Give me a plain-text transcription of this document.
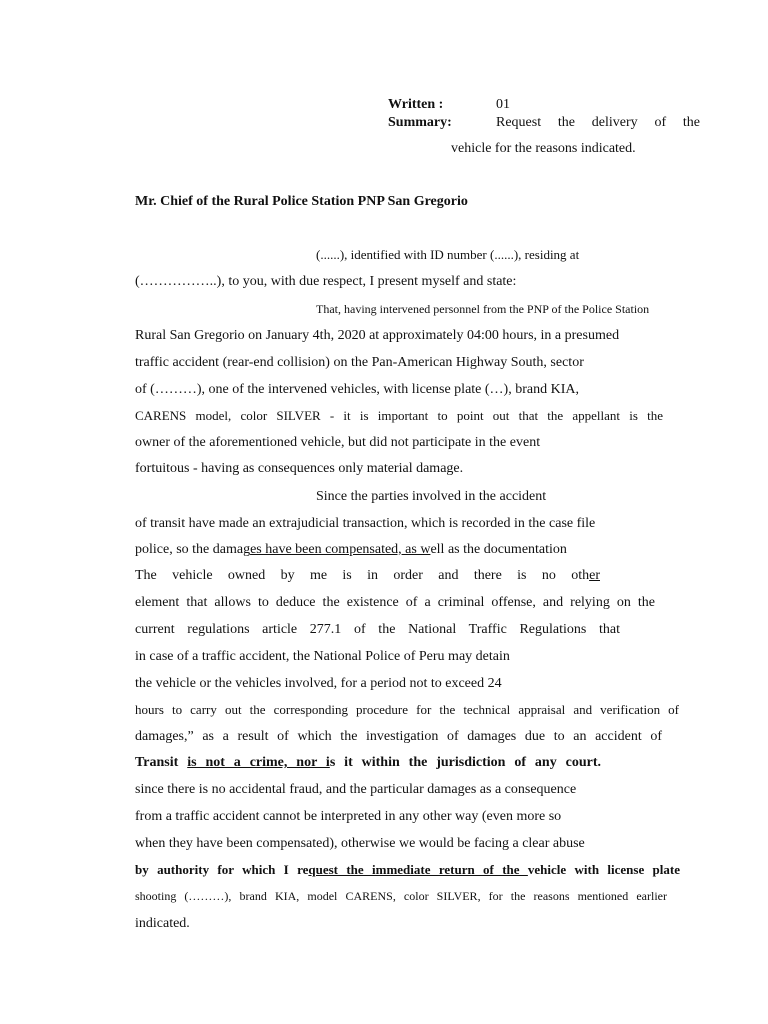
Written :	01
Summary:	Request the delivery of the
vehicle for the reasons indicated.
Mr. Chief of the Rural Police Station PNP San Gregorio
(......), identified with ID number (......), residing at
(……………..), to you, with due respect, I present myself and state:
That, having intervened personnel from the PNP of the Police Station
Rural San Gregorio on January 4th, 2020 at approximately 04:00 hours, in a presumed
traffic accident (rear-end collision) on the Pan-American Highway South, sector
of (………), one of the intervened vehicles, with license plate (…), brand KIA,
CARENS model, color SILVER - it is important to point out that the appellant is the
owner of the aforementioned vehicle, but did not participate in the event
fortuitous - having as consequences only material damage.
Since the parties involved in the accident
of transit have made an extrajudicial transaction, which is recorded in the case file
police, so the damages have been compensated, as well as the documentation
The vehicle owned by me is in order and there is no other
element that allows to deduce the existence of a criminal offense, and relying on the
current regulations article 277.1 of the National Traffic Regulations that
in case of a traffic accident, the National Police of Peru may detain
the vehicle or the vehicles involved, for a period not to exceed 24
hours to carry out the corresponding procedure for the technical appraisal and verification of
damages,” as a result of which the investigation of damages due to an accident of
Transit is not a crime, nor is it within the jurisdiction of any court.
since there is no accidental fraud, and the particular damages as a consequence
from a traffic accident cannot be interpreted in any other way (even more so
when they have been compensated), otherwise we would be facing a clear abuse
by authority for which I request the immediate return of the vehicle with license plate
shooting (………), brand KIA, model CARENS, color SILVER, for the reasons mentioned earlier
indicated.
